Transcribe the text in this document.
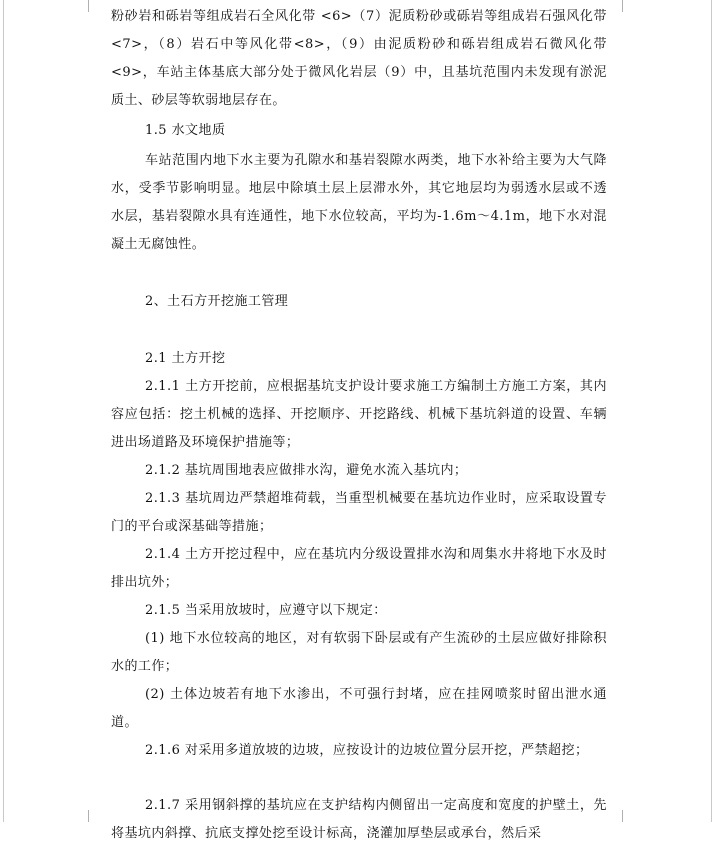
粉砂岩和砾岩等组成岩石全风化带 <6>（7）泥质粉砂或砾岩等组成岩石强风化带<7>，（8）岩石中等风化带<8>，（9）由泥质粉砂和砾岩组成岩石微风化带<9>，车站主体基底大部分处于微风化岩层（9）中，且基坑范围内未发现有淤泥质土、砂层等软弱地层存在。

1.5 水文地质

车站范围内地下水主要为孔隙水和基岩裂隙水两类，地下水补给主要为大气降水，受季节影响明显。地层中除填土层上层滞水外，其它地层均为弱透水层或不透水层，基岩裂隙水具有连通性，地下水位较高，平均为-1.6m～4.1m，地下水对混凝土无腐蚀性。

2、土石方开挖施工管理

2.1 土方开挖

2.1.1 土方开挖前，应根据基坑支护设计要求施工方编制土方施工方案，其内容应包括：挖土机械的选择、开挖顺序、开挖路线、机械下基坑斜道的设置、车辆进出场道路及环境保护措施等；

2.1.2 基坑周围地表应做排水沟，避免水流入基坑内；

2.1.3 基坑周边严禁超堆荷载，当重型机械要在基坑边作业时，应采取设置专门的平台或深基础等措施；

2.1.4 土方开挖过程中，应在基坑内分级设置排水沟和周集水井将地下水及时排出坑外；

2.1.5 当采用放坡时，应遵守以下规定：

(1) 地下水位较高的地区，对有软弱下卧层或有产生流砂的土层应做好排除积水的工作；

(2) 土体边坡若有地下水渗出，不可强行封堵，应在挂网喷浆时留出泄水通道。

2.1.6 对采用多道放坡的边坡，应按设计的边坡位置分层开挖，严禁超挖；

2.1.7 采用钢斜撑的基坑应在支护结构内侧留出一定高度和宽度的护壁土，先将基坑内斜撑、抗底支撑处挖至设计标高，浇灌加厚垫层或承台，然后采
